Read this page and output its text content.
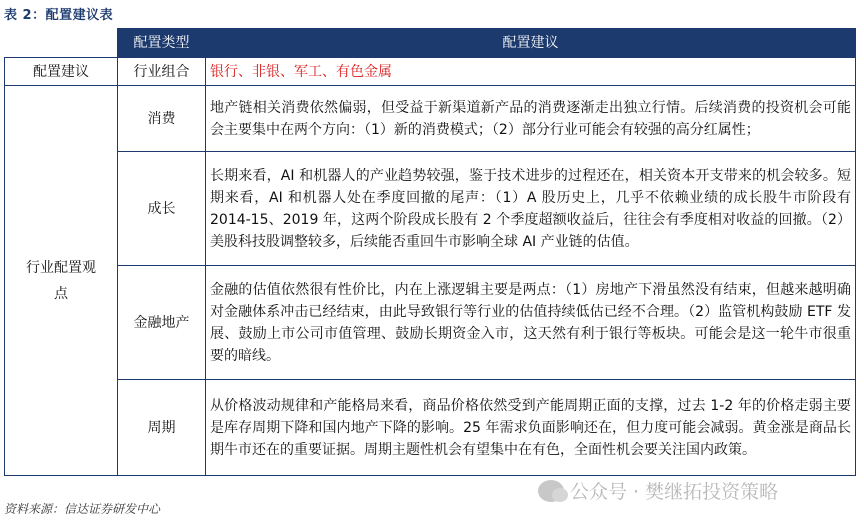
表 2：配置建议表
	配置类型	配置建议
配置建议	行业组合	银行、非银、军工、有色金属
行业配置观点	消费	地产链相关消费依然偏弱，但受益于新渠道新产品的消费逐渐走出独立行情。后续消费的投资机会可能会主要集中在两个方向：（1）新的消费模式；（2）部分行业可能会有较强的高分红属性；
	成长	长期来看，AI 和机器人的产业趋势较强，鉴于技术进步的过程还在，相关资本开支带来的机会较多。短期来看，AI 和机器人处在季度回撤的尾声：（1）A 股历史上，几乎不依赖业绩的成长股牛市阶段有 2014-15、2019 年，这两个阶段成长股有 2 个季度超额收益后，往往会有季度相对收益的回撤。（2）美股科技股调整较多，后续能否重回牛市影响全球 AI 产业链的估值。
	金融地产	金融的估值依然很有性价比，内在上涨逻辑主要是两点：（1）房地产下滑虽然没有结束，但越来越明确对金融体系冲击已经结束，由此导致银行等行业的估值持续低估已经不合理。（2）监管机构鼓励 ETF 发展、鼓励上市公司市值管理、鼓励长期资金入市，这天然有利于银行等板块。可能会是这一轮牛市很重要的暗线。
	周期	从价格波动规律和产能格局来看，商品价格依然受到产能周期正面的支撑，过去 1-2 年的价格走弱主要是库存周期下降和国内地产下降的影响。25 年需求负面影响还在，但力度可能会减弱。黄金涨是商品长期牛市还在的重要证据。周期主题性机会有望集中在有色，全面性机会要关注国内政策。
资料来源：信达证券研发中心
公众号 · 樊继拓投资策略
